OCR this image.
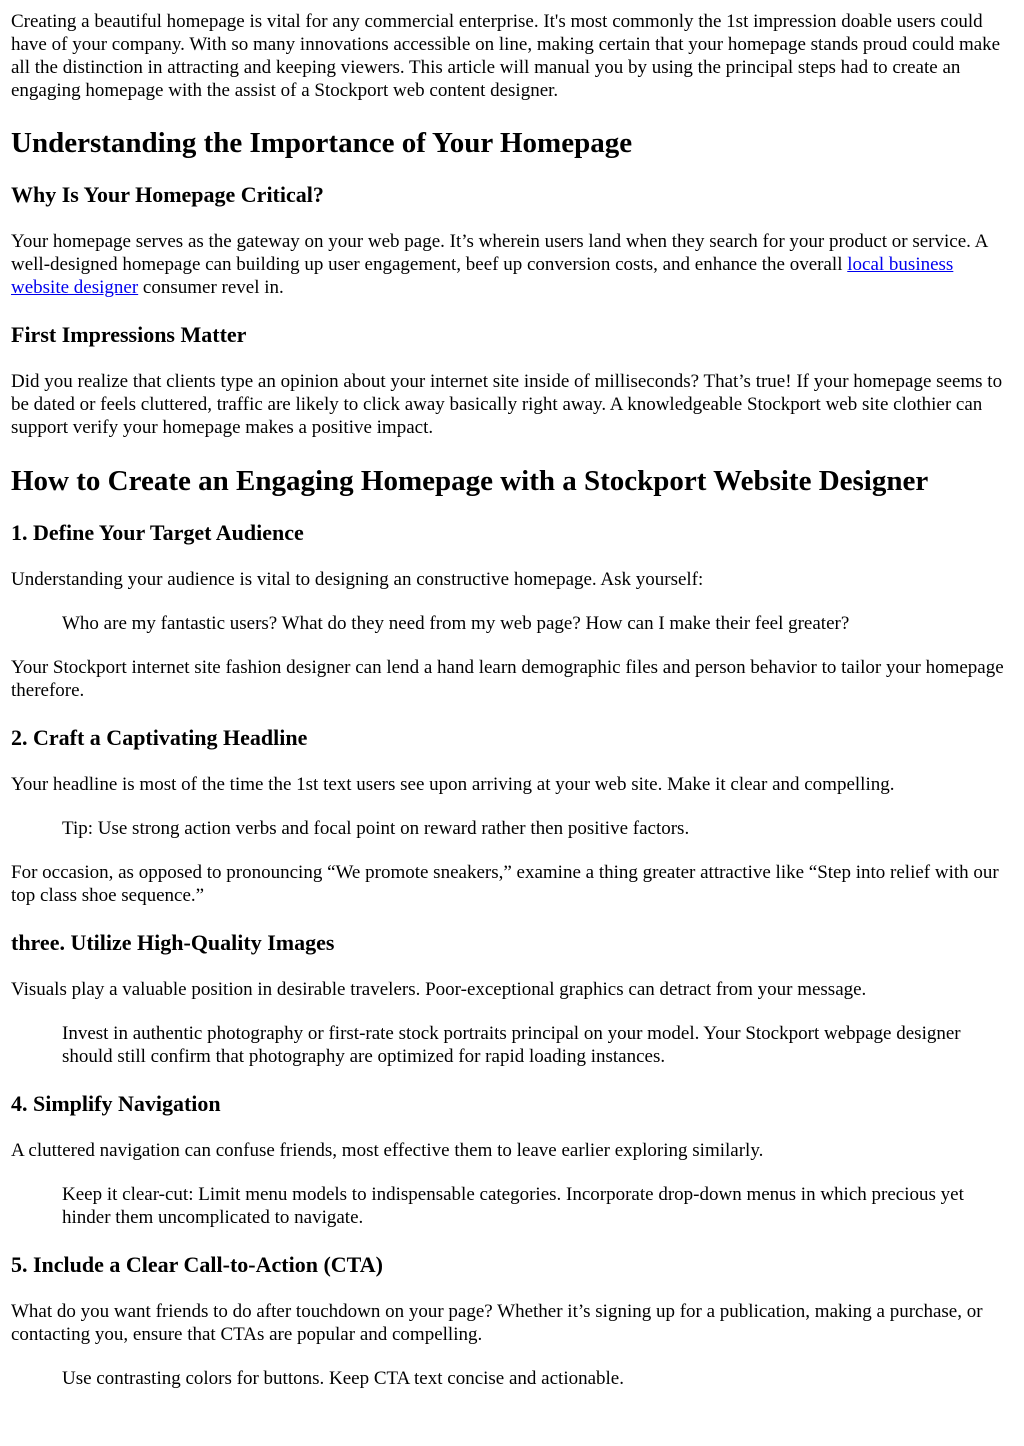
Creating a beautiful homepage is vital for any commercial enterprise. It's most commonly the 1st impression doable users could have of your company. With so many innovations accessible on line, making certain that your homepage stands proud could make all the distinction in attracting and keeping viewers. This article will manual you by using the principal steps had to create an engaging homepage with the assist of a Stockport web content designer.

Understanding the Importance of Your Homepage
Why Is Your Homepage Critical?

Your homepage serves as the gateway on your web page. It’s wherein users land when they search for your product or service. A well-designed homepage can building up user engagement, beef up conversion costs, and enhance the overall local business website designer consumer revel in.

First Impressions Matter

Did you realize that clients type an opinion about your internet site inside of milliseconds? That’s true! If your homepage seems to be dated or feels cluttered, traffic are likely to click away basically right away. A knowledgeable Stockport web site clothier can support verify your homepage makes a positive impact.

How to Create an Engaging Homepage with a Stockport Website Designer
1. Define Your Target Audience

Understanding your audience is vital to designing an constructive homepage. Ask yourself:

Who are my fantastic users? What do they need from my web page? How can I make their feel greater?

Your Stockport internet site fashion designer can lend a hand learn demographic files and person behavior to tailor your homepage therefore.

2. Craft a Captivating Headline

Your headline is most of the time the 1st text users see upon arriving at your web site. Make it clear and compelling.

Tip: Use strong action verbs and focal point on reward rather then positive factors.

For occasion, as opposed to pronouncing “We promote sneakers,” examine a thing greater attractive like “Step into relief with our top class shoe sequence.”

three. Utilize High-Quality Images

Visuals play a valuable position in desirable travelers. Poor-exceptional graphics can detract from your message.

Invest in authentic photography or first-rate stock portraits principal on your model. Your Stockport webpage designer should still confirm that photography are optimized for rapid loading instances.
4. Simplify Navigation

A cluttered navigation can confuse friends, most effective them to leave earlier exploring similarly.

Keep it clear-cut: Limit menu models to indispensable categories. Incorporate drop-down menus in which precious yet hinder them uncomplicated to navigate.
5. Include a Clear Call-to-Action (CTA)

What do you want friends to do after touchdown on your page? Whether it’s signing up for a publication, making a purchase, or contacting you, ensure that CTAs are popular and compelling.

Use contrasting colors for buttons. Keep CTA text concise and actionable.
